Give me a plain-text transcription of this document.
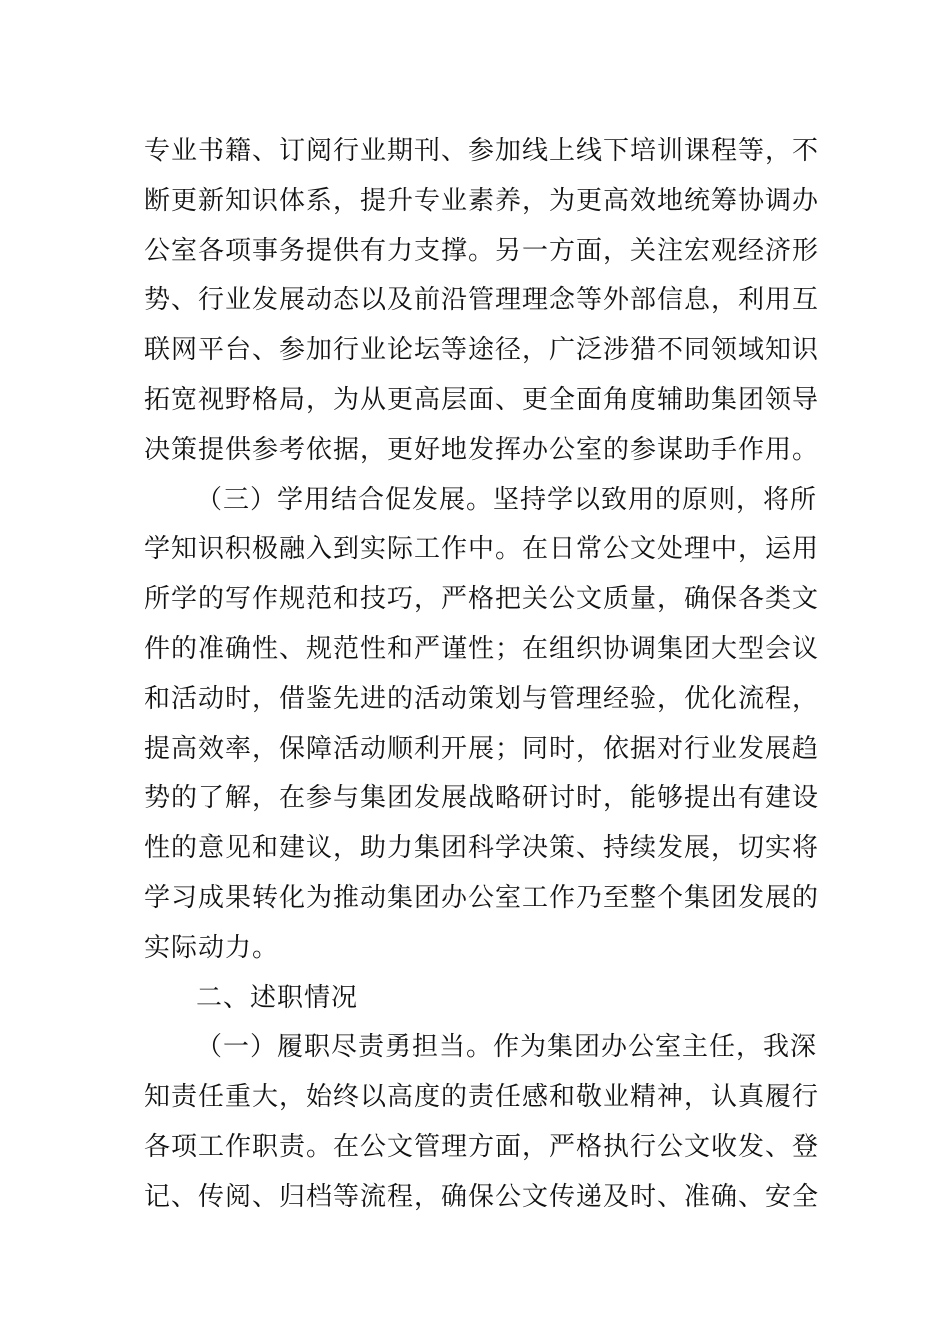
专业书籍、订阅行业期刊、参加线上线下培训课程等，不
断更新知识体系，提升专业素养，为更高效地统筹协调办
公室各项事务提供有力支撑。另一方面，关注宏观经济形
势、行业发展动态以及前沿管理理念等外部信息，利用互
联网平台、参加行业论坛等途径，广泛涉猎不同领域知识
拓宽视野格局，为从更高层面、更全面角度辅助集团领导
决策提供参考依据，更好地发挥办公室的参谋助手作用。
（三）学用结合促发展。坚持学以致用的原则，将所
学知识积极融入到实际工作中。在日常公文处理中，运用
所学的写作规范和技巧，严格把关公文质量，确保各类文
件的准确性、规范性和严谨性；在组织协调集团大型会议
和活动时，借鉴先进的活动策划与管理经验，优化流程，
提高效率，保障活动顺利开展；同时，依据对行业发展趋
势的了解，在参与集团发展战略研讨时，能够提出有建设
性的意见和建议，助力集团科学决策、持续发展，切实将
学习成果转化为推动集团办公室工作乃至整个集团发展的
实际动力。
二、述职情况
（一）履职尽责勇担当。作为集团办公室主任，我深
知责任重大，始终以高度的责任感和敬业精神，认真履行
各项工作职责。在公文管理方面，严格执行公文收发、登
记、传阅、归档等流程，确保公文传递及时、准确、安全
